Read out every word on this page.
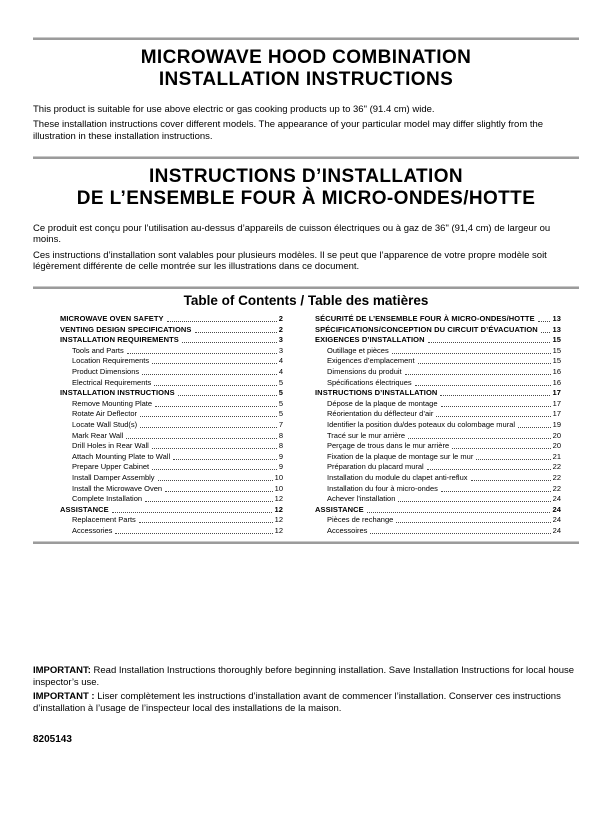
MICROWAVE HOOD COMBINATION
INSTALLATION INSTRUCTIONS

This product is suitable for use above electric or gas cooking products up to 36" (91.4 cm) wide.

These installation instructions cover different models. The appearance of your particular model may differ slightly from the illustration in these installation instructions.

INSTRUCTIONS D’INSTALLATION
DE L’ENSEMBLE FOUR À MICRO-ONDES/HOTTE

Ce produit est conçu pour l’utilisation au-dessus d’appareils de cuisson électriques ou à gaz de 36" (91,4 cm) de largeur ou moins.

Ces instructions d’installation sont valables pour plusieurs modèles. Il se peut que l’apparence de votre propre modèle soit légèrement différente de celle montrée sur les illustrations dans ce document.

Table of Contents / Table des matières
MICROWAVE OVEN SAFETY	2
VENTING DESIGN SPECIFICATIONS	2
INSTALLATION REQUIREMENTS	3
Tools and Parts	3
Location Requirements	4
Product Dimensions	4
Electrical Requirements	5
INSTALLATION INSTRUCTIONS	5
Remove Mounting Plate	5
Rotate Air Deflector	5
Locate Wall Stud(s)	7
Mark Rear Wall	8
Drill Holes in Rear Wall	8
Attach Mounting Plate to Wall	9
Prepare Upper Cabinet	9
Install Damper Assembly	10
Install the Microwave Oven	10
Complete Installation	12
ASSISTANCE	12
Replacement Parts	12
Accessories	12
SÉCURITÉ DE L’ENSEMBLE FOUR À MICRO-ONDES/HOTTE 13
SPÉCIFICATIONS/CONCEPTION DU CIRCUIT D’ÉVACUATION 13
EXIGENCES D’INSTALLATION	15
Outillage et pièces	15
Exigences d’emplacement	15
Dimensions du produit	16
Spécifications électriques	16
INSTRUCTIONS D’INSTALLATION	17
Dépose de la plaque de montage	17
Réorientation du déflecteur d’air	17
Identifier la position du/des poteaux du colombage mural	19
Tracé sur le mur arrière	20
Perçage de trous dans le mur arrière	20
Fixation de la plaque de montage sur le mur	21
Préparation du placard mural	22
Installation du module du clapet anti-reflux	22
Installation du four à micro-ondes	22
Achever l’installation	24
ASSISTANCE	24
Pièces de rechange	24
Accessoires	24

IMPORTANT: Read Installation Instructions thoroughly before beginning installation. Save Installation Instructions for local house inspector’s use.

IMPORTANT : Liser complètement les instructions d’installation avant de commencer l’installation. Conserver ces instructions d’installation à l’usage de l’inspecteur local des installations de la maison.

8205143
